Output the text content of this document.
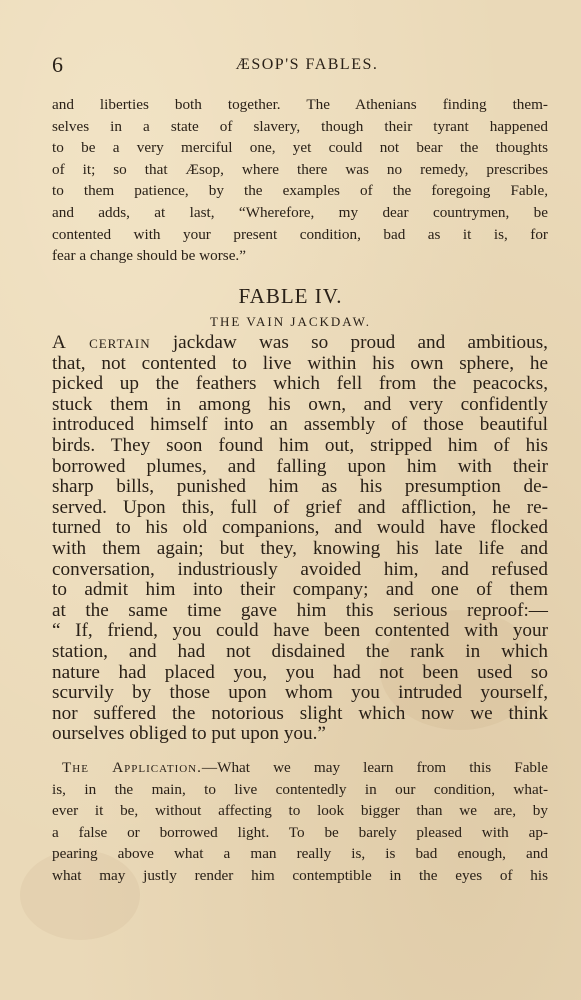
6	ÆSOP'S FABLES.
and liberties both together. The Athenians finding them-
selves in a state of slavery, though their tyrant happened
to be a very merciful one, yet could not bear the thoughts
of it; so that Æsop, where there was no remedy, prescribes
to them patience, by the examples of the foregoing Fable,
and adds, at last, “Wherefore, my dear countrymen, be
contented with your present condition, bad as it is, for
fear a change should be worse.”
FABLE IV.
THE VAIN JACKDAW.
A certain jackdaw was so proud and ambitious,
that, not contented to live within his own sphere, he
picked up the feathers which fell from the peacocks,
stuck them in among his own, and very confidently
introduced himself into an assembly of those beautiful
birds. They soon found him out, stripped him of his
borrowed plumes, and falling upon him with their
sharp bills, punished him as his presumption de-
served. Upon this, full of grief and affliction, he re-
turned to his old companions, and would have flocked
with them again; but they, knowing his late life and
conversation, industriously avoided him, and refused
to admit him into their company; and one of them
at the same time gave him this serious reproof:—
“ If, friend, you could have been contented with your
station, and had not disdained the rank in which
nature had placed you, you had not been used so
scurvily by those upon whom you intruded yourself,
nor suffered the notorious slight which now we think
ourselves obliged to put upon you.”
The Application.—What we may learn from this Fable
is, in the main, to live contentedly in our condition, what-
ever it be, without affecting to look bigger than we are, by
a false or borrowed light. To be barely pleased with ap-
pearing above what a man really is, is bad enough, and
what may justly render him contemptible in the eyes of his
